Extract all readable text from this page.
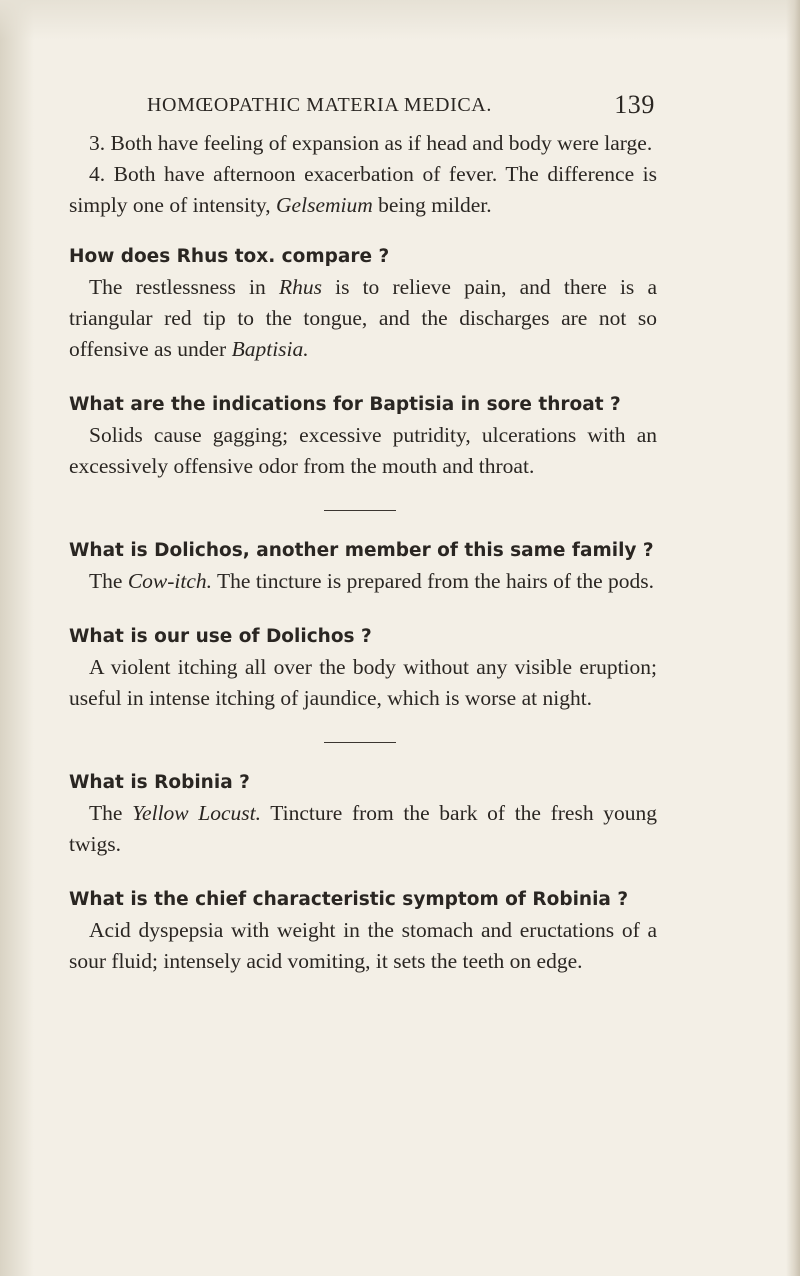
HOMŒOPATHIC MATERIA MEDICA.	139

3. Both have feeling of expansion as if head and body were large.

4. Both have afternoon exacerbation of fever. The difference is simply one of intensity, Gelsemium being milder.

How does Rhus tox. compare ?

The restlessness in Rhus is to relieve pain, and there is a triangular red tip to the tongue, and the discharges are not so offensive as under Baptisia.

What are the indications for Baptisia in sore throat ?

Solids cause gagging; excessive putridity, ulcerations with an excessively offensive odor from the mouth and throat.

What is Dolichos, another member of this same family ?

The Cow-itch. The tincture is prepared from the hairs of the pods.

What is our use of Dolichos ?

A violent itching all over the body without any visible eruption; useful in intense itching of jaundice, which is worse at night.

What is Robinia ?

The Yellow Locust. Tincture from the bark of the fresh young twigs.

What is the chief characteristic symptom of Robinia ?

Acid dyspepsia with weight in the stomach and eructations of a sour fluid; intensely acid vomiting, it sets the teeth on edge.
